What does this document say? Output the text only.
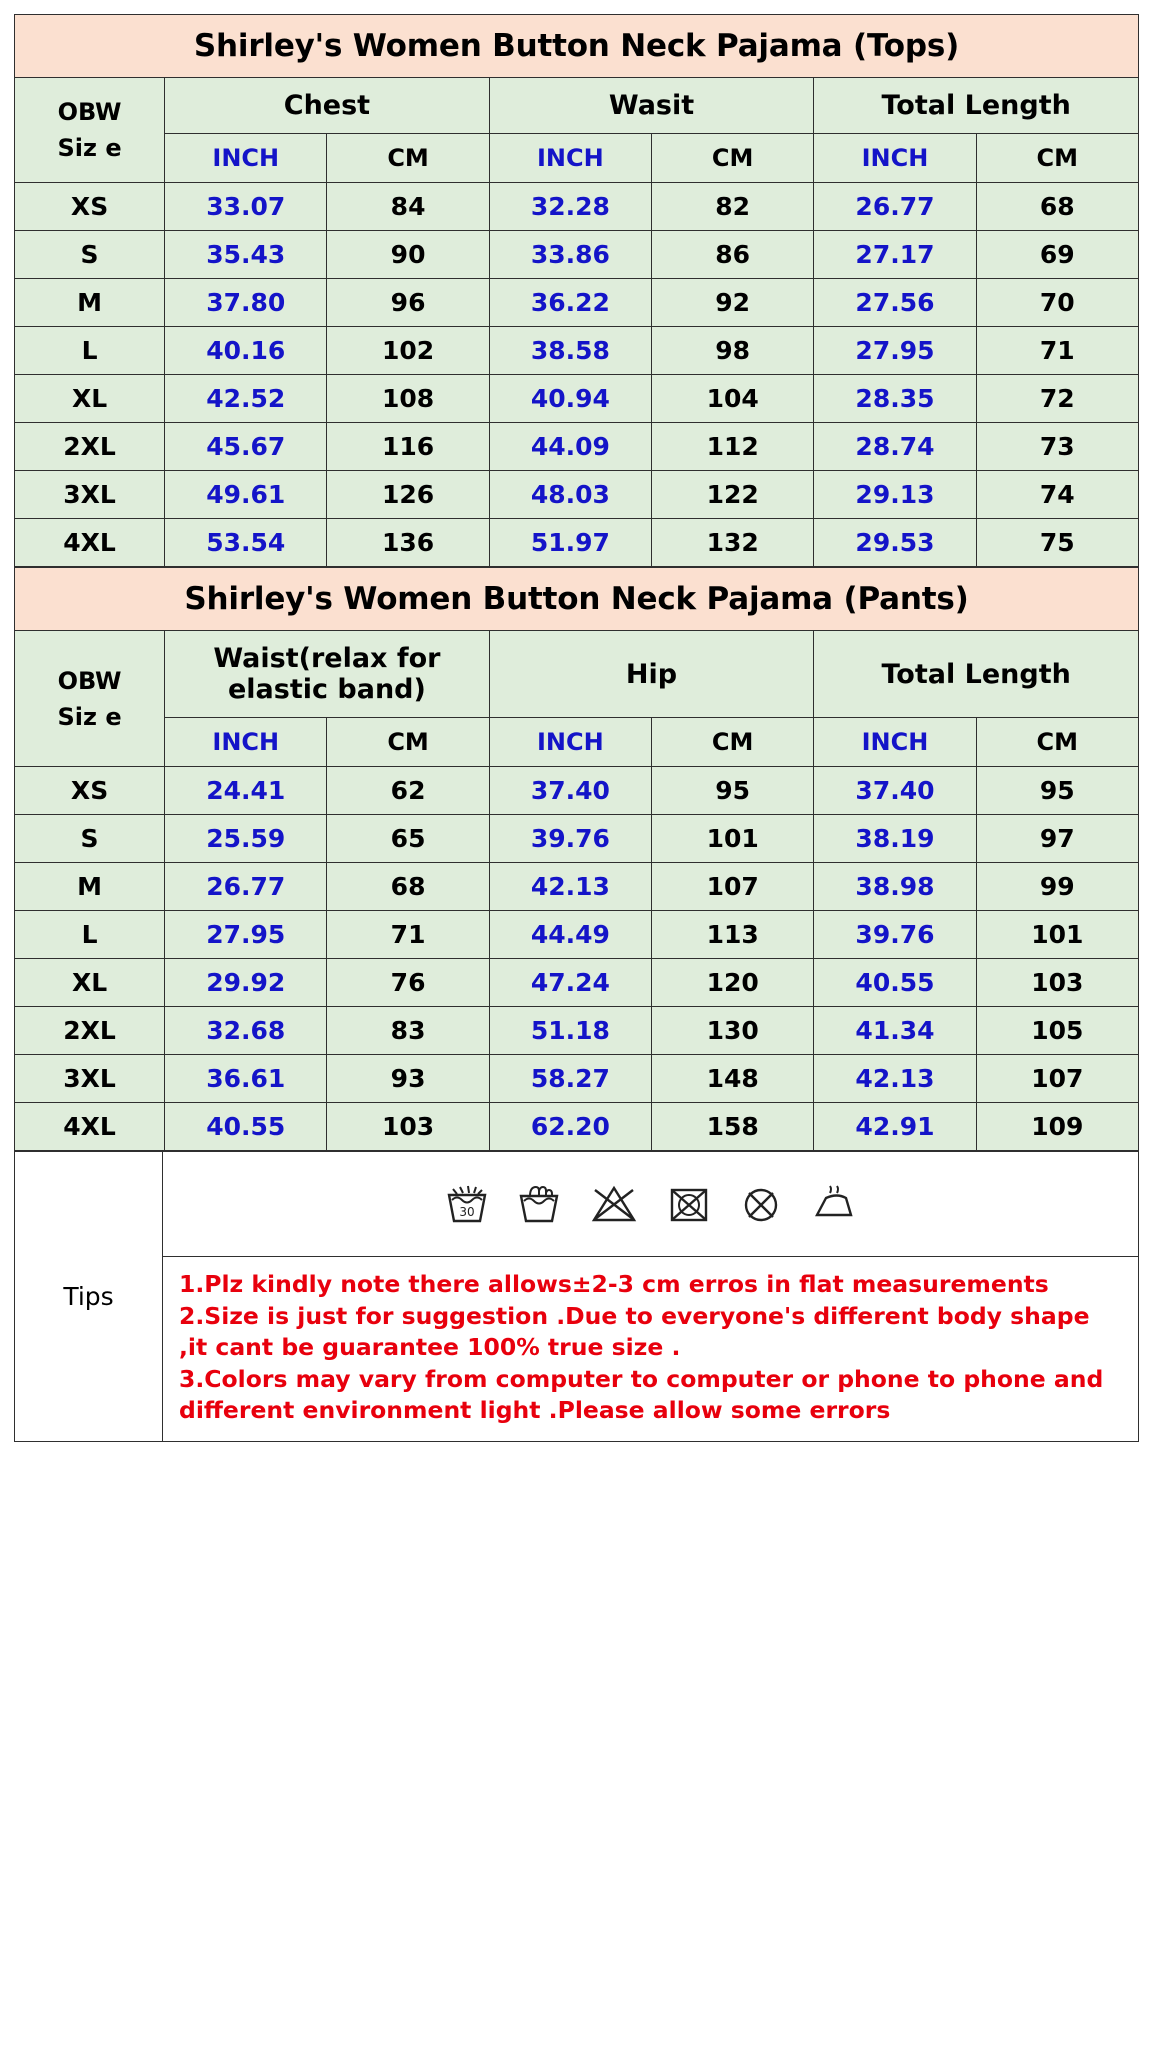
Shirley's Women Button Neck Pajama (Tops)						

OBW
Siz e	Chest		Wasit		Total Length	
	INCH	CM	INCH	CM	INCH	CM
XS	33.07	84	32.28	82	26.77	68
S	35.43	90	33.86	86	27.17	69
M	37.80	96	36.22	92	27.56	70
L	40.16	102	38.58	98	27.95	71
XL	42.52	108	40.94	104	28.35	72
2XL	45.67	116	44.09	112	28.74	73
3XL	49.61	126	48.03	122	29.13	74
4XL	53.54	136	51.97	132	29.53	75
Shirley's Women Button Neck Pajama (Pants)						

OBW
Siz e	Waist(relax for elastic band)		Hip		Total Length	
	INCH	CM	INCH	CM	INCH	CM
XS	24.41	62	37.40	95	37.40	95
S	25.59	65	39.76	101	38.19	97
M	26.77	68	42.13	107	38.98	99
L	27.95	71	44.49	113	39.76	101
XL	29.92	76	47.24	120	40.55	103
2XL	32.68	83	51.18	130	41.34	105
3XL	36.61	93	58.27	148	42.13	107
4XL	40.55	103	62.20	158	42.91	109
Tips	
30

1.Plz kindly note there allows±2-3 cm erros in flat measurements

2.Size is just for suggestion .Due to everyone's different body shape ,it cant be guarantee 100% true size .

3.Colors may vary from computer to computer or phone to phone and different environment light .Please allow some errors
